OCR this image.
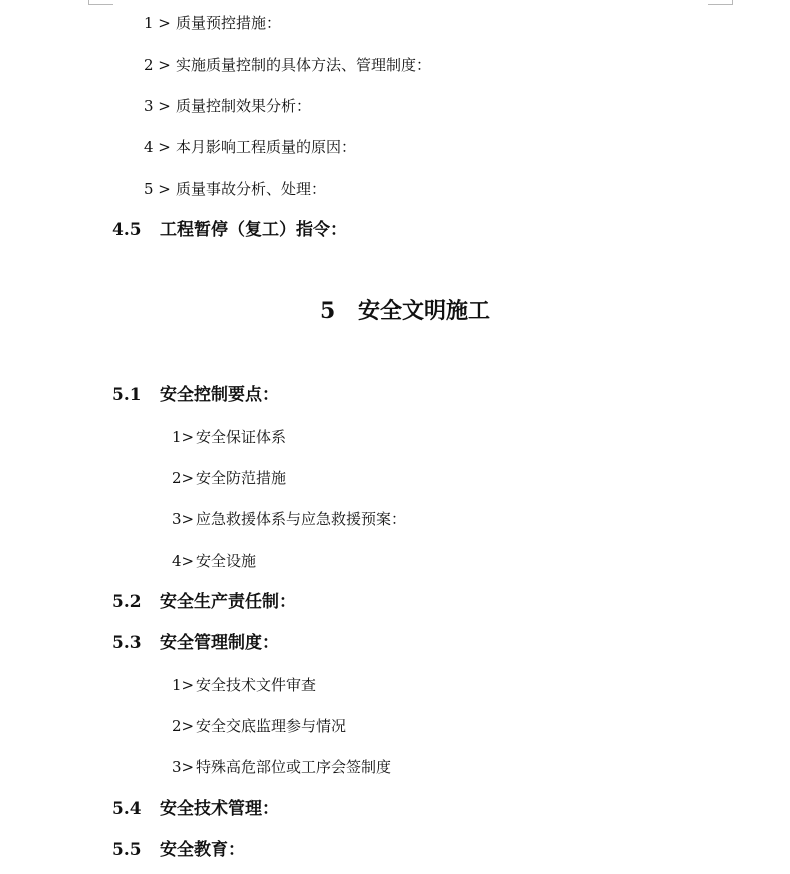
1 > 质量预控措施：
2 > 实施质量控制的具体方法、管理制度：
3 > 质量控制效果分析：
4 > 本月影响工程质量的原因：
5 > 质量事故分析、处理：
4.5 工程暂停（复工）指令：
5 安全文明施工
5.1 安全控制要点：
1> 安全保证体系
2> 安全防范措施
3> 应急救援体系与应急救援预案：
4> 安全设施
5.2 安全生产责任制：
5.3 安全管理制度：
1> 安全技术文件审查
2> 安全交底监理参与情况
3> 特殊高危部位或工序会签制度
5.4 安全技术管理：
5.5 安全教育：
